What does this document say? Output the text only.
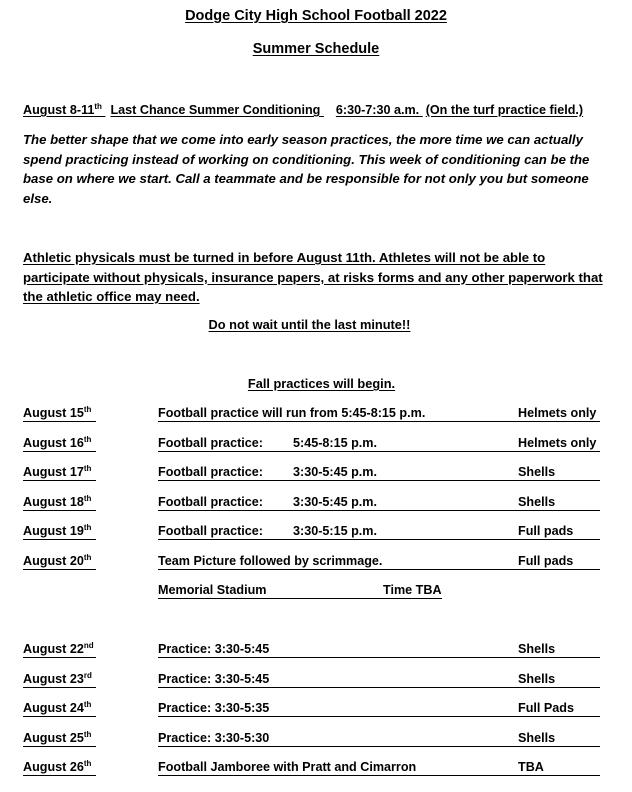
Dodge City High School Football 2022
Summer Schedule
August 8-11th Last Chance Summer Conditioning 6:30-7:30 a.m. (On the turf practice field.)
The better shape that we come into early season practices, the more time we can actually spend practicing instead of working on conditioning. This week of conditioning can be the base on where we start. Call a teammate and be responsible for not only you but someone else.
Athletic physicals must be turned in before August 11th. Athletes will not be able to participate without physicals, insurance papers, at risks forms and any other paperwork that the athletic office may need.
Do not wait until the last minute!!
Fall practices will begin.
August 15th	Football practice will run from 5:45-8:15 p.m.	Helmets only
August 16th	Football practice: 5:45-8:15 p.m.	Helmets only
August 17th	Football practice: 3:30-5:45 p.m.	Shells
August 18th	Football practice: 3:30-5:45 p.m.	Shells
August 19th	Football practice: 3:30-5:15 p.m.	Full pads
August 20th	Team Picture followed by scrimmage.	Full pads
Memorial Stadium	Time TBA
August 22nd	Practice: 3:30-5:45	Shells
August 23rd	Practice: 3:30-5:45	Shells
August 24th	Practice: 3:30-5:35	Full Pads
August 25th	Practice: 3:30-5:30	Shells
August 26th	Football Jamboree with Pratt and Cimarron	TBA
